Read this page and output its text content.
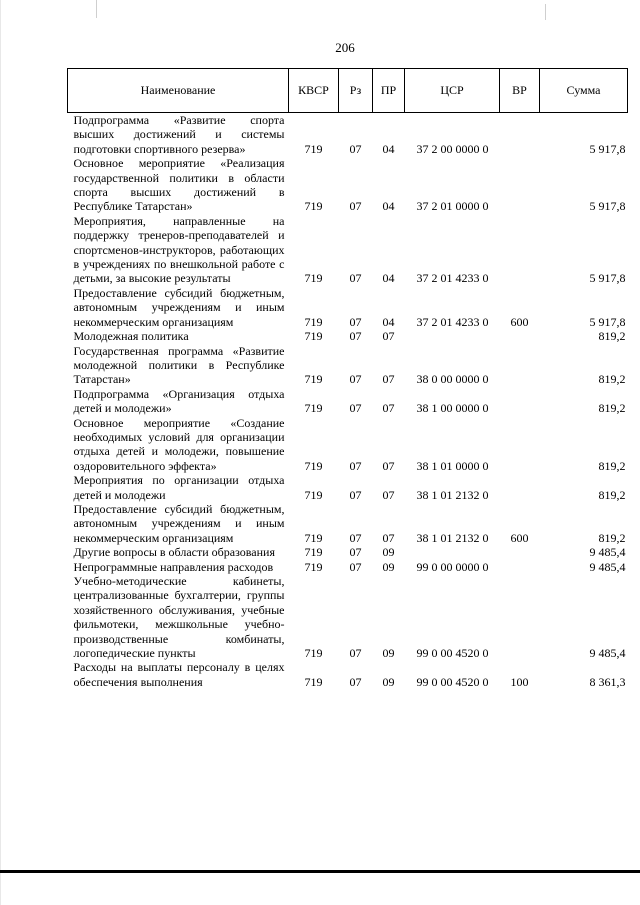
206
Наименование	КВСР	Рз	ПР	ЦСР	ВР	Сумма
Подпрограмма «Развитие спорта высших достижений и системы подготовки спортивного резерва»	719	07	04	37 2 00 0000 0		5 917,8
Основное мероприятие «Реализация государственной политики в области спорта высших достижений в Республике Татарстан»	719	07	04	37 2 01 0000 0		5 917,8
Мероприятия, направленные на поддержку тренеров-преподавателей и спортсменов-инструкторов, работающих в учреждениях по внешкольной работе с детьми, за высокие результаты	719	07	04	37 2 01 4233 0		5 917,8
Предоставление субсидий бюджетным, автономным учреждениям и иным некоммерческим организациям	719	07	04	37 2 01 4233 0	600	5 917,8
Молодежная политика	719	07	07			819,2
Государственная программа «Развитие молодежной политики в Республике Татарстан»	719	07	07	38 0 00 0000 0		819,2
Подпрограмма «Организация отдыха детей и молодежи»	719	07	07	38 1 00 0000 0		819,2
Основное мероприятие «Создание необходимых условий для организации отдыха детей и молодежи, повышение оздоровительного эффекта»	719	07	07	38 1 01 0000 0		819,2
Мероприятия по организации отдыха детей и молодежи	719	07	07	38 1 01 2132 0		819,2
Предоставление субсидий бюджетным, автономным учреждениям и иным некоммерческим организациям	719	07	07	38 1 01 2132 0	600	819,2
Другие вопросы в области образования	719	07	09			9 485,4
Непрограммные направления расходов	719	07	09	99 0 00 0000 0		9 485,4
Учебно-методические кабинеты, централизованные бухгалтерии, группы хозяйственного обслуживания, учебные фильмотеки, межшкольные учебно-производственные комбинаты, логопедические пункты	719	07	09	99 0 00 4520 0		9 485,4
Расходы на выплаты персоналу в целях обеспечения выполнения	719	07	09	99 0 00 4520 0	100	8 361,3
